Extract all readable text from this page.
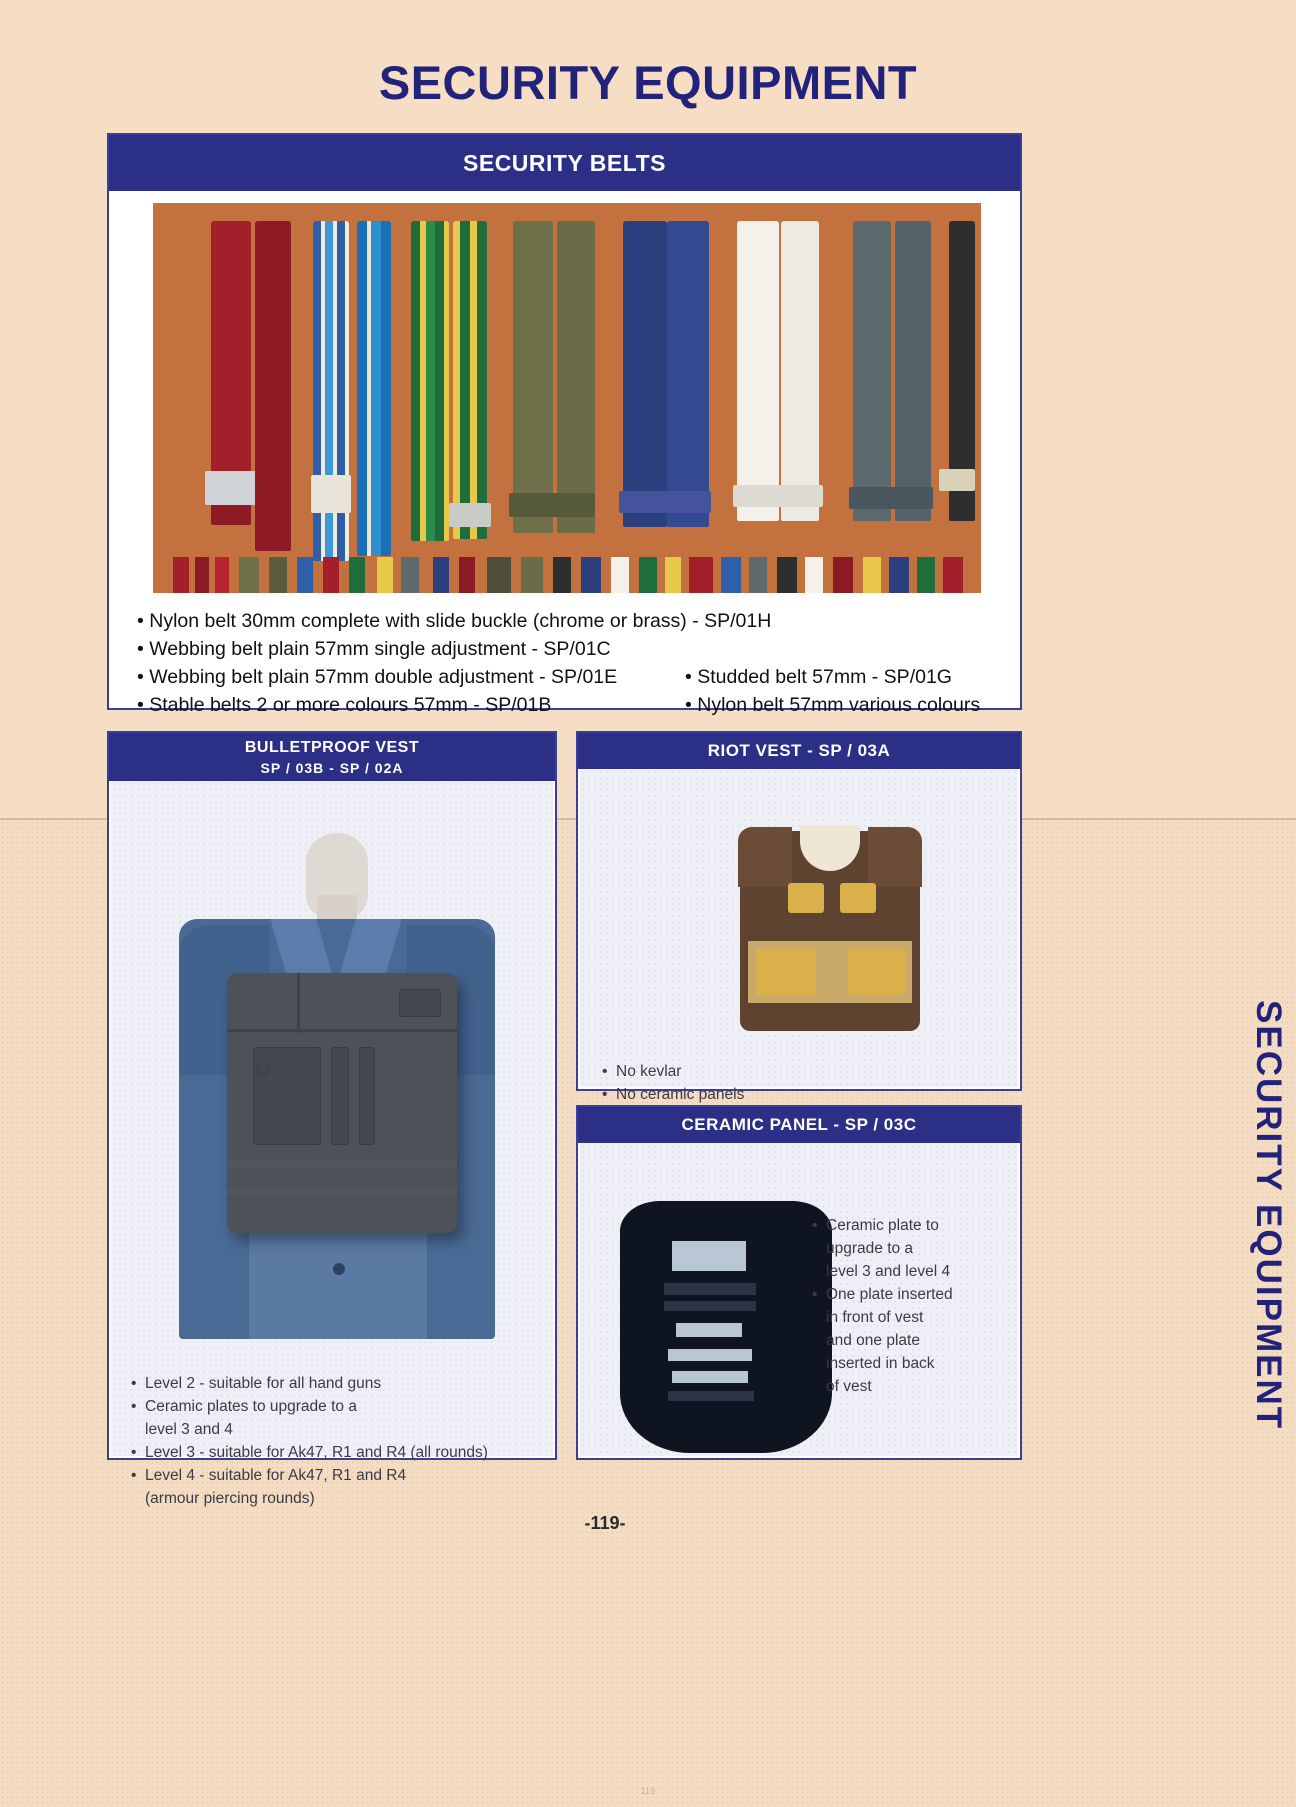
SECURITY EQUIPMENT
SECURITY BELTS
• Nylon belt 30mm complete with slide buckle (chrome or brass) - SP/01H
• Webbing belt plain 57mm single adjustment - SP/01C
• Webbing belt plain 57mm double adjustment - SP/01E	• Studded belt 57mm - SP/01G
• Stable belts 2 or more colours 57mm - SP/01B	• Nylon belt 57mm various colours
BULLETPROOF VEST
SP / 03B - SP / 02A
• Level 2 - suitable for all hand guns
• Ceramic plates to upgrade to a
level 3 and 4
• Level 3 - suitable for Ak47, R1 and R4 (all rounds)
• Level 4 - suitable for Ak47, R1 and R4
(armour piercing rounds)
RIOT VEST - SP / 03A
• No kevlar
• No ceramic panels
CERAMIC PANEL - SP / 03C
• Ceramic plate to
upgrade to a
level 3 and level 4
• One plate inserted
in front of vest
and one plate
inserted in back
of vest	SECURITY EQUIPMENT
-119-
119
